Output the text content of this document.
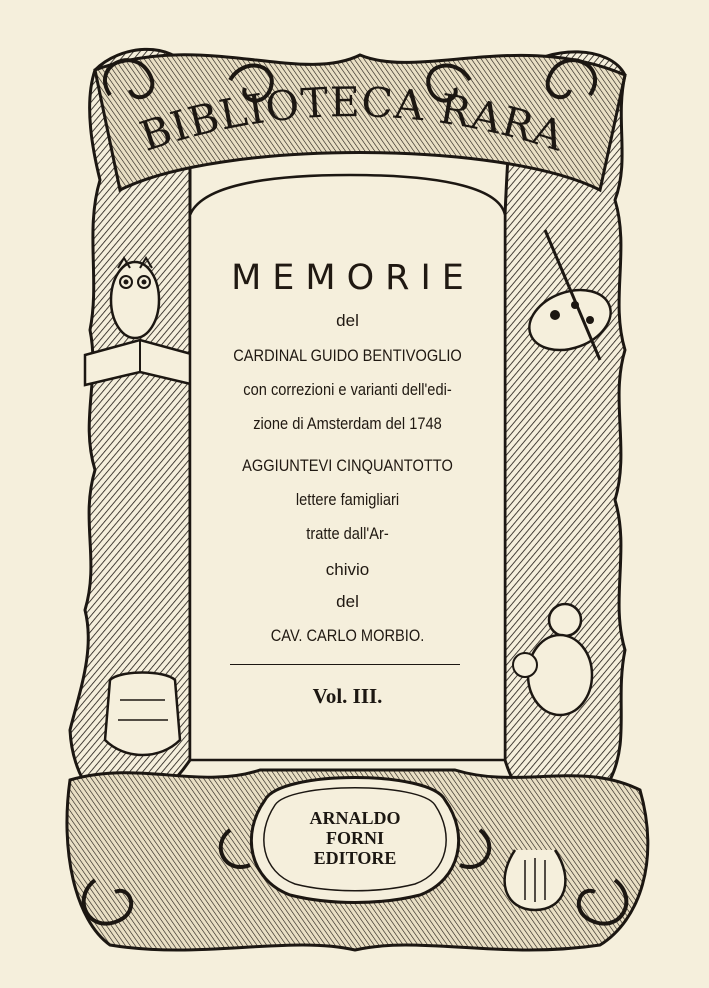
BIBLIOTECA RARA
MEMORIE
del
CARDINAL GUIDO BENTIVOGLIO
con correzioni e varianti dell'edi-
zione di Amsterdam del 1748
AGGIUNTEVI CINQUANTOTTO
lettere famigliari
tratte dall'Ar-
chivio
del
CAV. CARLO MORBIO.
Vol. III.
ARNALDO
FORNI
EDITORE
